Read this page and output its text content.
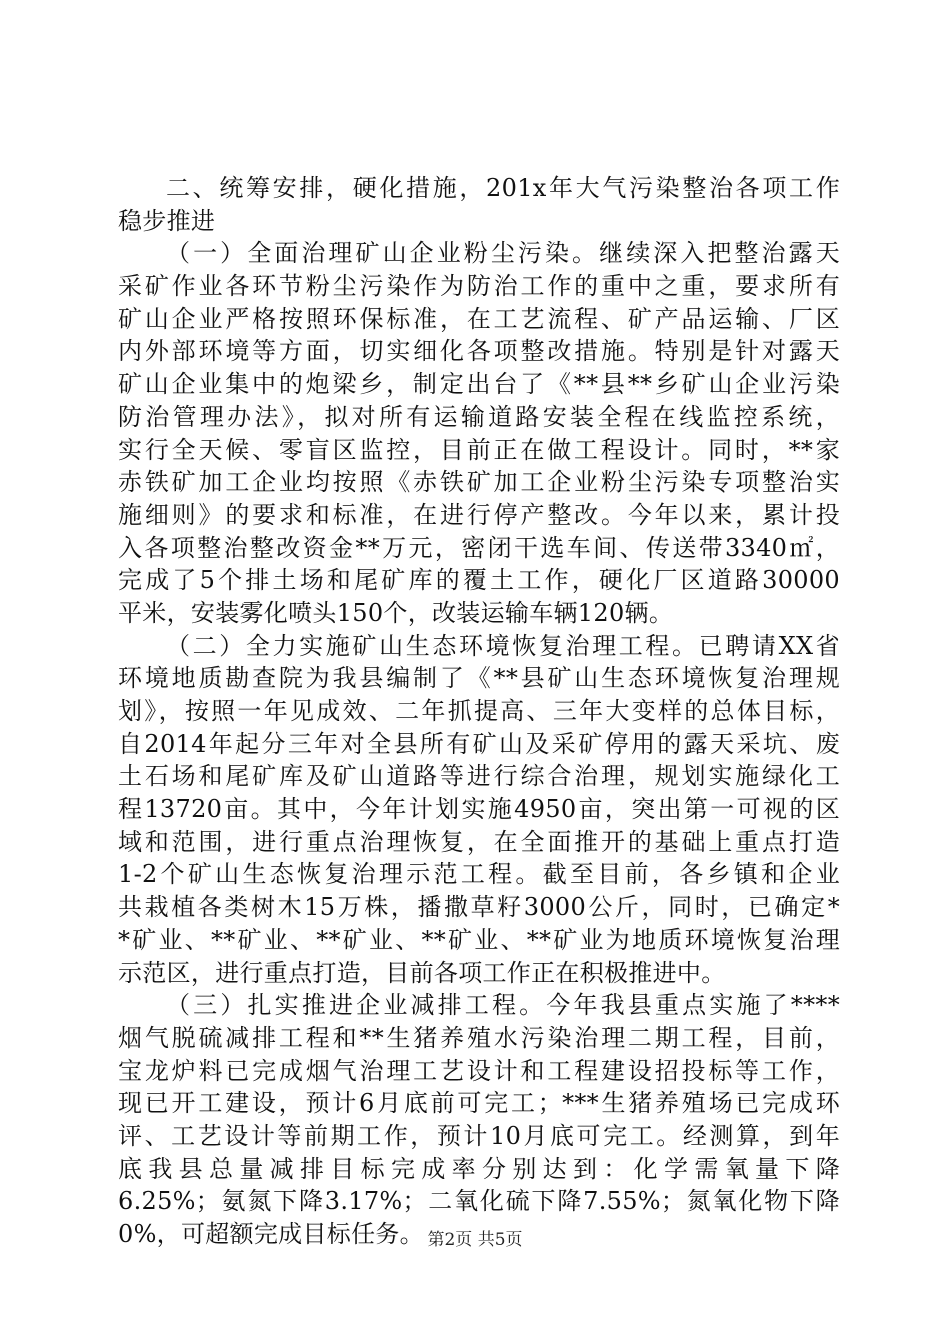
二、统筹安排，硬化措施，201x年大气污染整治各项工作
稳步推进
（一）全面治理矿山企业粉尘污染。继续深入把整治露天
采矿作业各环节粉尘污染作为防治工作的重中之重，要求所有
矿山企业严格按照环保标准，在工艺流程、矿产品运输、厂区
内外部环境等方面，切实细化各项整改措施。特别是针对露天
矿山企业集中的炮梁乡，制定出台了《**县**乡矿山企业污染
防治管理办法》，拟对所有运输道路安装全程在线监控系统，
实行全天候、零盲区监控，目前正在做工程设计。同时，**家
赤铁矿加工企业均按照《赤铁矿加工企业粉尘污染专项整治实
施细则》的要求和标准，在进行停产整改。今年以来，累计投
入各项整治整改资金**万元，密闭干选车间、传送带3340㎡，
完成了5个排土场和尾矿库的覆土工作，硬化厂区道路30000
平米，安装雾化喷头150个，改装运输车辆120辆。
（二）全力实施矿山生态环境恢复治理工程。已聘请XX省
环境地质勘查院为我县编制了《**县矿山生态环境恢复治理规
划》，按照一年见成效、二年抓提高、三年大变样的总体目标，
自2014年起分三年对全县所有矿山及采矿停用的露天采坑、废
土石场和尾矿库及矿山道路等进行综合治理，规划实施绿化工
程13720亩。其中，今年计划实施4950亩，突出第一可视的区
域和范围，进行重点治理恢复，在全面推开的基础上重点打造
1-2个矿山生态恢复治理示范工程。截至目前，各乡镇和企业
共栽植各类树木15万株，播撒草籽3000公斤，同时，已确定*
*矿业、**矿业、**矿业、**矿业、**矿业为地质环境恢复治理
示范区，进行重点打造，目前各项工作正在积极推进中。
（三）扎实推进企业减排工程。今年我县重点实施了****
烟气脱硫减排工程和**生猪养殖水污染治理二期工程，目前，
宝龙炉料已完成烟气治理工艺设计和工程建设招投标等工作，
现已开工建设，预计6月底前可完工；***生猪养殖场已完成环
评、工艺设计等前期工作，预计10月底可完工。经测算，到年
底我县总量减排目标完成率分别达到：化学需氧量下降
6.25%；氨氮下降3.17%；二氧化硫下降7.55%；氮氧化物下降
0%，可超额完成目标任务。 第2页 共5页
